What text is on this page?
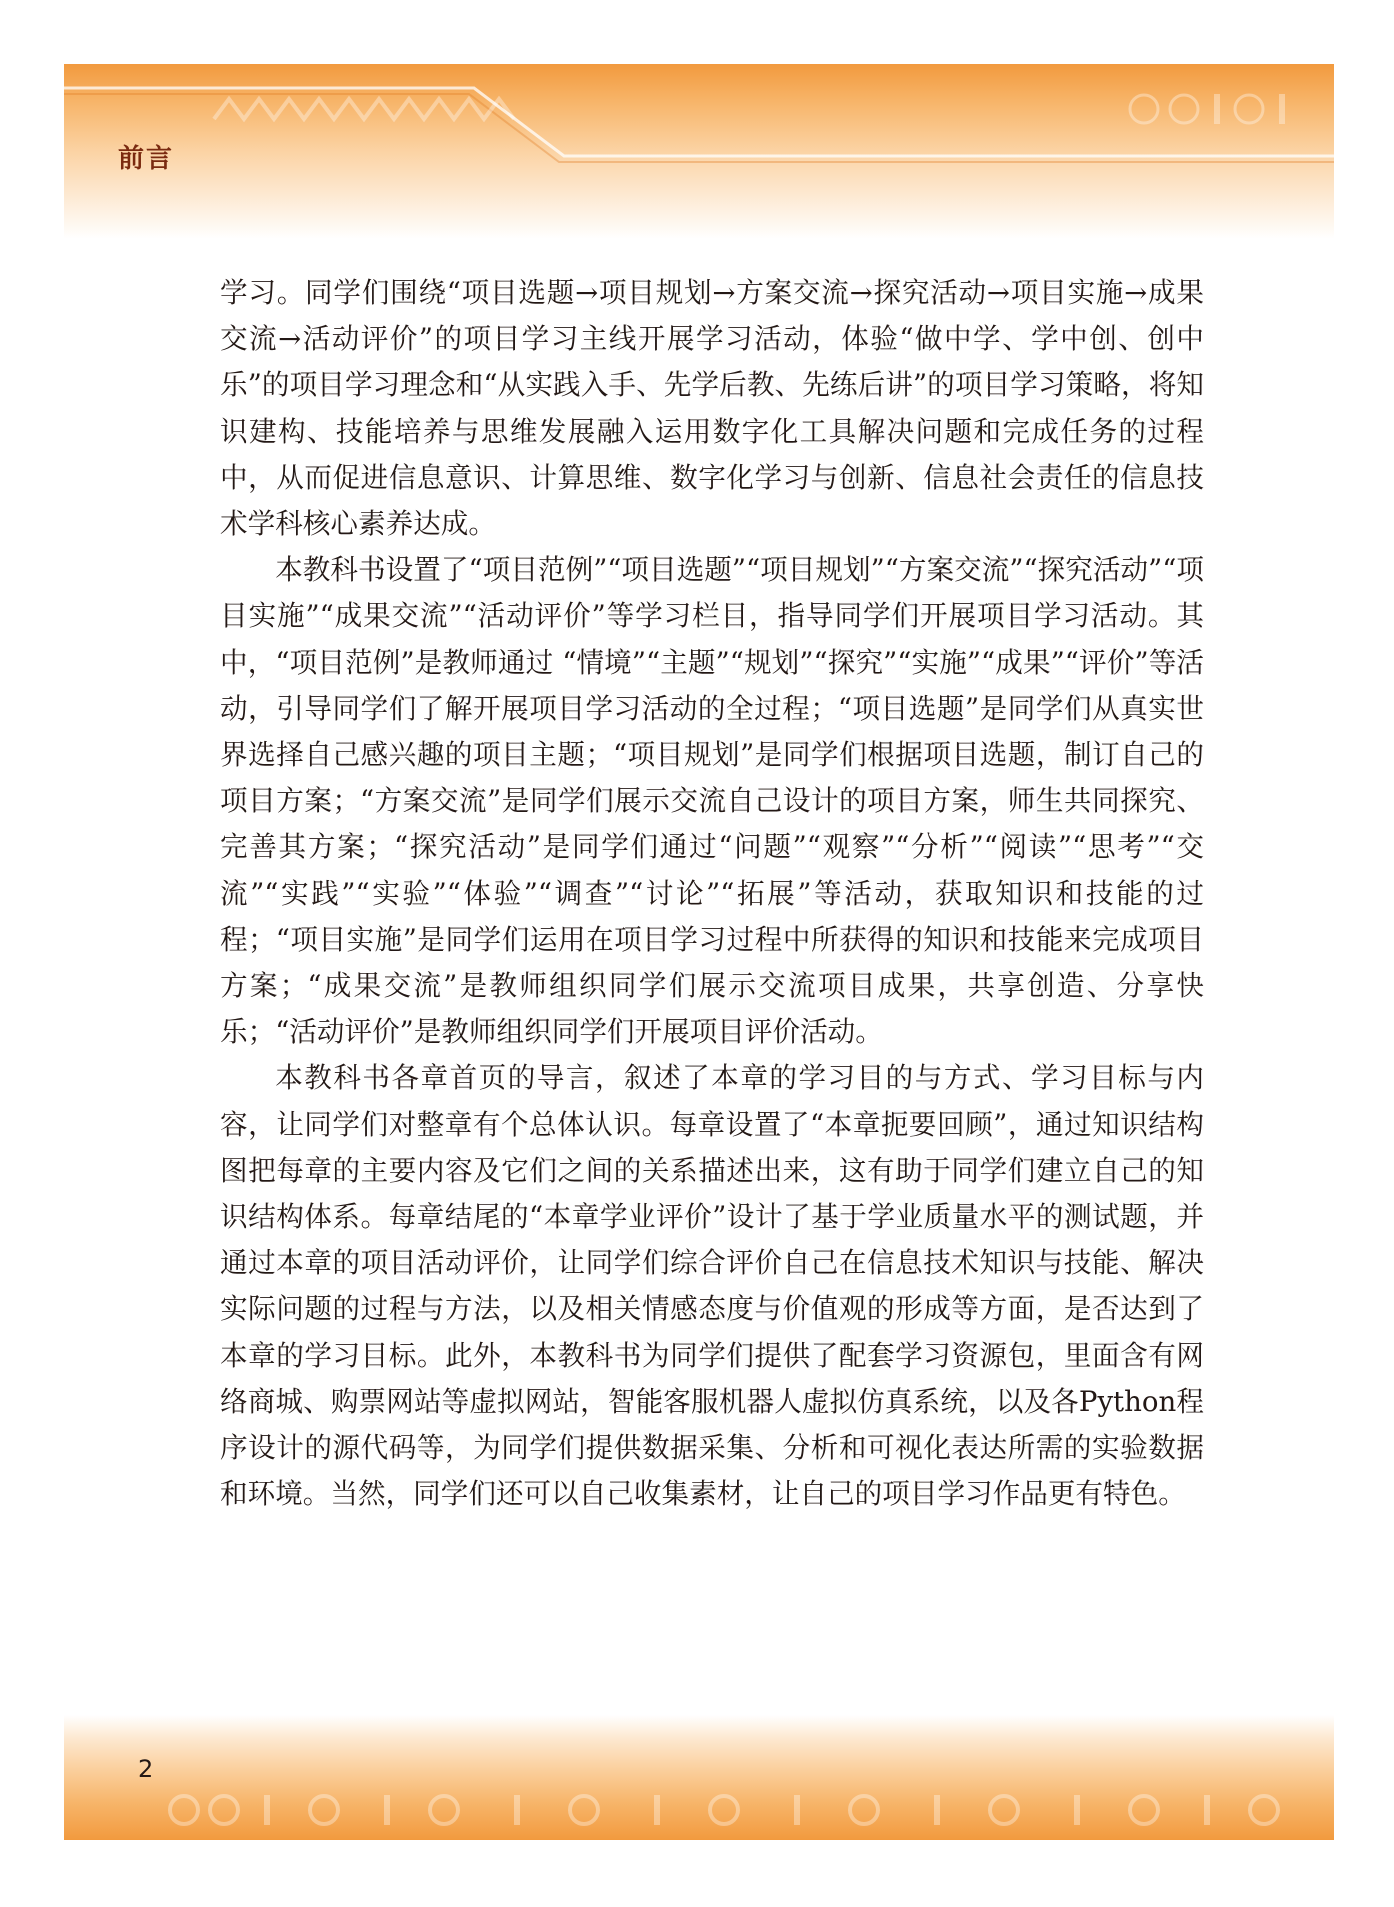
前言

学习。同学们围绕“项目选题→项目规划→方案交流→探究活动→项目实施→成果交流→活动评价”的项目学习主线开展学习活动，体验“做中学、学中创、创中乐”的项目学习理念和“从实践入手、先学后教、先练后讲”的项目学习策略，将知识建构、技能培养与思维发展融入运用数字化工具解决问题和完成任务的过程中，从而促进信息意识、计算思维、数字化学习与创新、信息社会责任的信息技术学科核心素养达成。

本教科书设置了“项目范例”“项目选题”“项目规划”“方案交流”“探究活动”“项目实施”“成果交流”“活动评价”等学习栏目，指导同学们开展项目学习活动。其中，“项目范例”是教师通过 “情境”“主题”“规划”“探究”“实施”“成果”“评价”等活动，引导同学们了解开展项目学习活动的全过程；“项目选题”是同学们从真实世界选择自己感兴趣的项目主题；“项目规划”是同学们根据项目选题，制订自己的项目方案；“方案交流”是同学们展示交流自己设计的项目方案，师生共同探究、完善其方案；“探究活动”是同学们通过“问题”“观察”“分析”“阅读”“思考”“交流”“实践”“实验”“体验”“调查”“讨论”“拓展”等活动，获取知识和技能的过程；“项目实施”是同学们运用在项目学习过程中所获得的知识和技能来完成项目方案；“成果交流”是教师组织同学们展示交流项目成果，共享创造、分享快乐；“活动评价”是教师组织同学们开展项目评价活动。

本教科书各章首页的导言，叙述了本章的学习目的与方式、学习目标与内容，让同学们对整章有个总体认识。每章设置了“本章扼要回顾”，通过知识结构图把每章的主要内容及它们之间的关系描述出来，这有助于同学们建立自己的知识结构体系。每章结尾的“本章学业评价”设计了基于学业质量水平的测试题，并通过本章的项目活动评价，让同学们综合评价自己在信息技术知识与技能、解决实际问题的过程与方法，以及相关情感态度与价值观的形成等方面，是否达到了本章的学习目标。此外，本教科书为同学们提供了配套学习资源包，里面含有网络商城、购票网站等虚拟网站，智能客服机器人虚拟仿真系统，以及各Python程序设计的源代码等，为同学们提供数据采集、分析和可视化表达所需的实验数据和环境。当然，同学们还可以自己收集素材，让自己的项目学习作品更有特色。

2
